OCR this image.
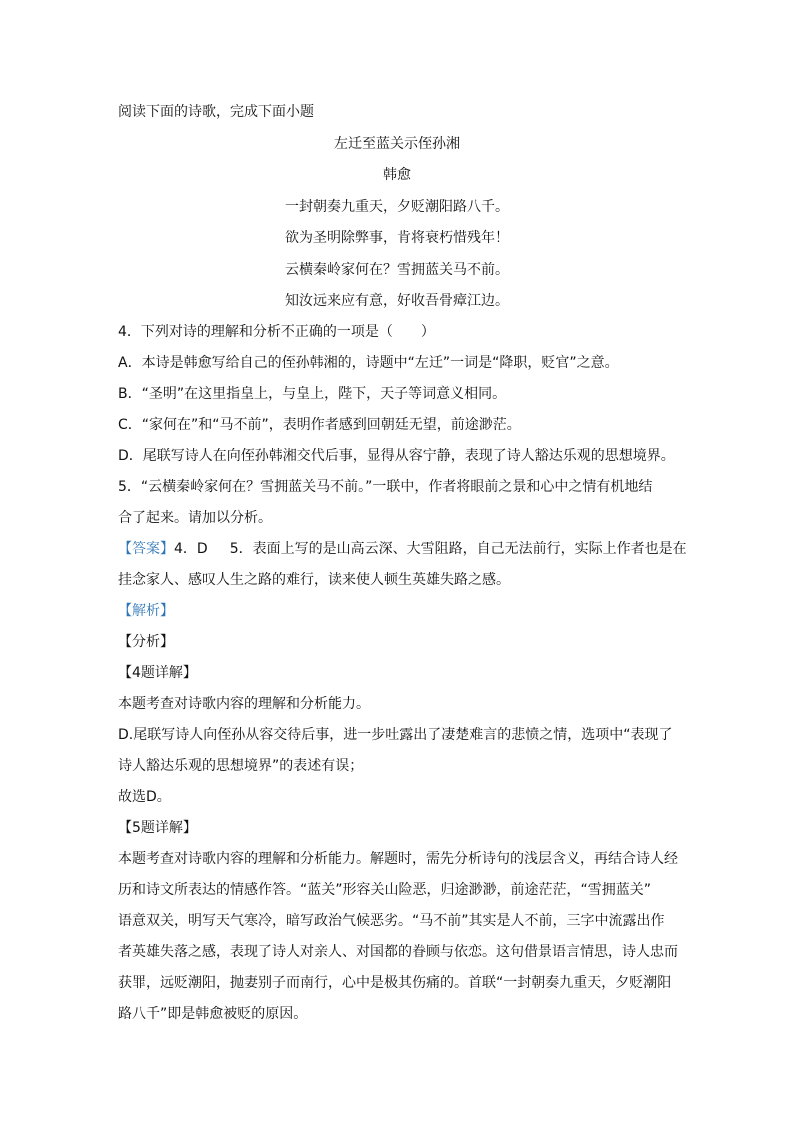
阅读下面的诗歌，完成下面小题
左迁至蓝关示侄孙湘
韩愈
一封朝奏九重天，夕贬潮阳路八千。
欲为圣明除弊事，肯将衰朽惜残年！
云横秦岭家何在？雪拥蓝关马不前。
知汝远来应有意，好收吾骨瘴江边。
4．下列对诗的理解和分析不正确的一项是（　　）
A．本诗是韩愈写给自己的侄孙韩湘的，诗题中“左迁”一词是“降职，贬官”之意。
B．“圣明”在这里指皇上，与皇上，陛下，天子等词意义相同。
C．“家何在”和“马不前”，表明作者感到回朝廷无望，前途渺茫。
D．尾联写诗人在向侄孙韩湘交代后事，显得从容宁静，表现了诗人豁达乐观的思想境界。
5．“云横秦岭家何在？雪拥蓝关马不前。”一联中，作者将眼前之景和心中之情有机地结
合了起来。请加以分析。
【答案】4．D 5．表面上写的是山高云深、大雪阻路，自己无法前行，实际上作者也是在
挂念家人、感叹人生之路的难行，读来使人顿生英雄失路之感。
【解析】
【分析】
【4题详解】
本题考查对诗歌内容的理解和分析能力。
D.尾联写诗人向侄孙从容交待后事，进一步吐露出了凄楚难言的悲愤之情，选项中“表现了
诗人豁达乐观的思想境界”的表述有误；
故选D。
【5题详解】
本题考查对诗歌内容的理解和分析能力。解题时，需先分析诗句的浅层含义，再结合诗人经
历和诗文所表达的情感作答。“蓝关”形容关山险恶，归途渺渺，前途茫茫，“雪拥蓝关”
语意双关，明写天气寒冷，暗写政治气候恶劣。“马不前”其实是人不前，三字中流露出作
者英雄失落之感，表现了诗人对亲人、对国都的眷顾与依恋。这句借景语言情思，诗人忠而
获罪，远贬潮阳，抛妻别子而南行，心中是极其伤痛的。首联“一封朝奏九重天，夕贬潮阳
路八千”即是韩愈被贬的原因。
